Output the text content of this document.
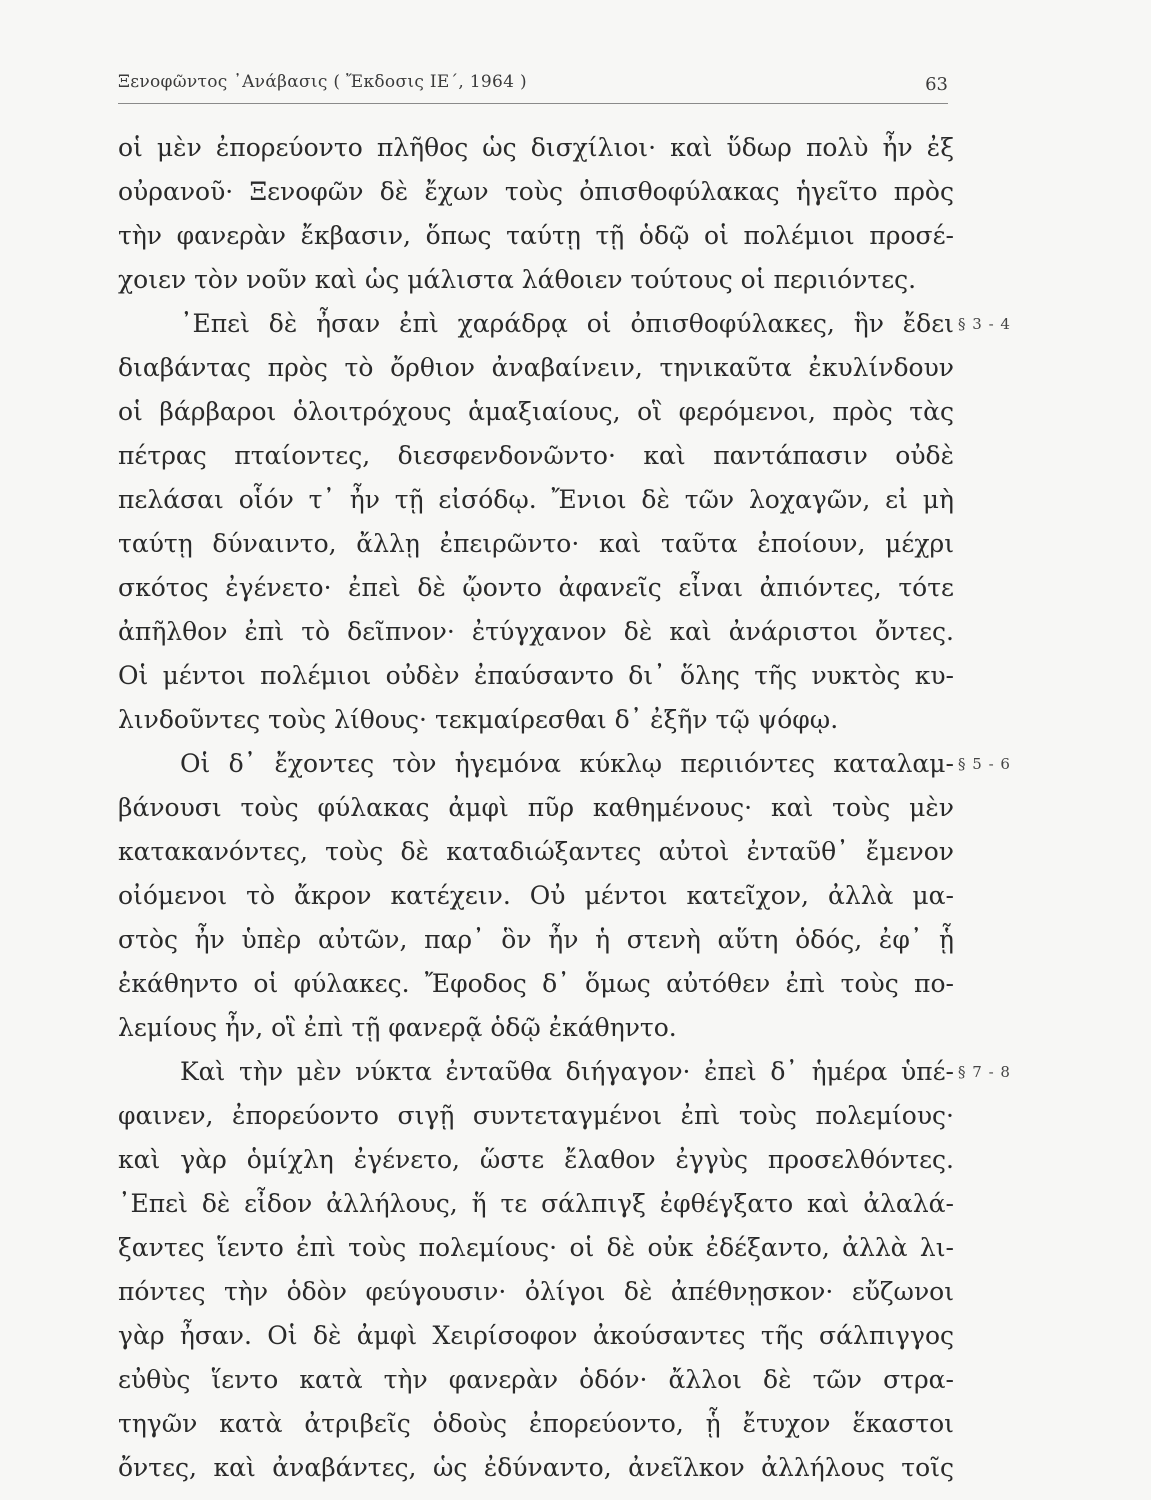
Ξενοφῶντος ᾿Ανάβασις ( Ἔκδοσις ΙΕ΄, 1964 )	63
οἱ μὲν ἐπορεύοντο πλῆθος ὡς δισχίλιοι· καὶ ὕδωρ πολὺ ἦν ἐξ
οὐρανοῦ· Ξενοφῶν δὲ ἔχων τοὺς ὀπισθοφύλακας ἡγεῖτο πρὸς
τὴν φανερὰν ἔκβασιν, ὅπως ταύτῃ τῇ ὁδῷ οἱ πολέμιοι προσέ-
χοιεν τὸν νοῦν καὶ ὡς μάλιστα λάθοιεν τούτους οἱ περιιόντες.
᾿Επεὶ δὲ ἦσαν ἐπὶ χαράδρᾳ οἱ ὀπισθοφύλακες, ἣν ἔδει
διαβάντας πρὸς τὸ ὄρθιον ἀναβαίνειν, τηνικαῦτα ἐκυλίνδουν
οἱ βάρβαροι ὁλοιτρόχους ἁμαξιαίους, οἳ φερόμενοι, πρὸς τὰς
πέτρας πταίοντες, διεσφενδονῶντο· καὶ παντάπασιν οὐδὲ
πελάσαι οἷόν τ᾿ ἦν τῇ εἰσόδῳ. Ἔνιοι δὲ τῶν λοχαγῶν, εἰ μὴ
ταύτῃ δύναιντο, ἄλλῃ ἐπειρῶντο· καὶ ταῦτα ἐποίουν, μέχρι
σκότος ἐγένετο· ἐπεὶ δὲ ᾤοντο ἀφανεῖς εἶναι ἀπιόντες, τότε
ἀπῆλθον ἐπὶ τὸ δεῖπνον· ἐτύγχανον δὲ καὶ ἀνάριστοι ὄντες.
Οἱ μέντοι πολέμιοι οὐδὲν ἐπαύσαντο δι᾿ ὅλης τῆς νυκτὸς κυ-
λινδοῦντες τοὺς λίθους· τεκμαίρεσθαι δ᾿ ἐξῆν τῷ ψόφῳ.
Οἱ δ᾿ ἔχοντες τὸν ἡγεμόνα κύκλῳ περιιόντες καταλαμ-
βάνουσι τοὺς φύλακας ἀμφὶ πῦρ καθημένους· καὶ τοὺς μὲν
κατακανόντες, τοὺς δὲ καταδιώξαντες αὐτοὶ ἐνταῦθ᾿ ἔμενον
οἰόμενοι τὸ ἄκρον κατέχειν. Οὐ μέντοι κατεῖχον, ἀλλὰ μα-
στὸς ἦν ὑπὲρ αὐτῶν, παρ᾿ ὃν ἦν ἡ στενὴ αὕτη ὁδός, ἐφ᾿ ᾗ
ἐκάθηντο οἱ φύλακες. Ἔφοδος δ᾿ ὅμως αὐτόθεν ἐπὶ τοὺς πο-
λεμίους ἦν, οἳ ἐπὶ τῇ φανερᾷ ὁδῷ ἐκάθηντο.
Καὶ τὴν μὲν νύκτα ἐνταῦθα διήγαγον· ἐπεὶ δ᾿ ἡμέρα ὑπέ-
φαινεν, ἐπορεύοντο σιγῇ συντεταγμένοι ἐπὶ τοὺς πολεμίους·
καὶ γὰρ ὁμίχλη ἐγένετο, ὥστε ἔλαθον ἐγγὺς προσελθόντες.
᾿Επεὶ δὲ εἶδον ἀλλήλους, ἥ τε σάλπιγξ ἐφθέγξατο καὶ ἀλαλά-
ξαντες ἵεντο ἐπὶ τοὺς πολεμίους· οἱ δὲ οὐκ ἐδέξαντο, ἀλλὰ λι-
πόντες τὴν ὁδὸν φεύγουσιν· ὀλίγοι δὲ ἀπέθνῃσκον· εὔζωνοι
γὰρ ἦσαν. Οἱ δὲ ἀμφὶ Χειρίσοφον ἀκούσαντες τῆς σάλπιγγος
εὐθὺς ἵεντο κατὰ τὴν φανερὰν ὁδόν· ἄλλοι δὲ τῶν στρα-
τηγῶν κατὰ ἀτριβεῖς ὁδοὺς ἐπορεύοντο, ᾗ ἔτυχον ἕκαστοι
ὄντες, καὶ ἀναβάντες, ὡς ἐδύναντο, ἀνεῖλκον ἀλλήλους τοῖς
§ 3 - 4
§ 5 - 6
§ 7 - 8
